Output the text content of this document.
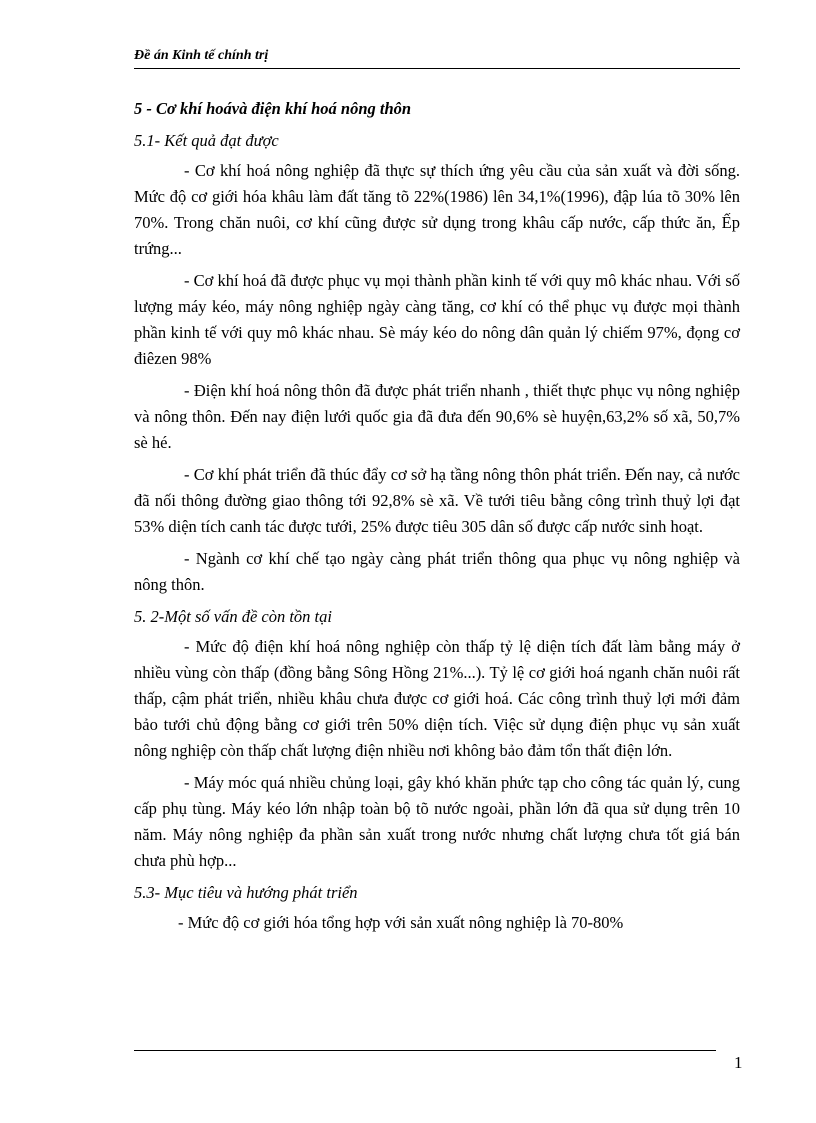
Đề án Kinh tế chính trị
5 - Cơ khí hoávà điện khí hoá nông thôn
5.1- Kết quả đạt được

- Cơ khí hoá nông nghiệp đã thực sự thích ứng yêu cầu của sản xuất và đời sống. Mức độ cơ giới hóa khâu làm đất tăng tõ 22%(1986) lên 34,1%(1996), đập lúa tõ 30% lên 70%. Trong chăn nuôi, cơ khí cũng được sử dụng trong khâu cấp nước, cấp thức ăn, Ếp trứng...

- Cơ khí hoá đã được phục vụ mọi thành phần kinh tế với quy mô khác nhau. Với số lượng máy kéo, máy nông nghiệp ngày càng tăng, cơ khí có thể phục vụ được mọi thành phần kinh tế với quy mô khác nhau. Sè máy kéo do nông dân quản lý chiếm 97%, đọng cơ điêzen 98%

- Điện khí hoá nông thôn đã được phát triển nhanh , thiết thực phục vụ nông nghiệp và nông thôn. Đến nay điện lưới quốc gia đã đưa đến 90,6% sè huyện,63,2% số xã, 50,7% sè hé.

- Cơ khí phát triển đã thúc đẩy cơ sở hạ tầng nông thôn phát triển. Đến nay, cả nước đã nối thông đường giao thông tới 92,8% sè xã. Về tưới tiêu bằng công trình thuỷ lợi đạt 53% diện tích canh tác được tưới, 25% được tiêu 305 dân số được cấp nước sinh hoạt.

- Ngành cơ khí chế tạo ngày càng phát triển thông qua phục vụ nông nghiệp và nông thôn.

5. 2-Một số vấn đề còn tồn tại

- Mức độ điện khí hoá nông nghiệp còn thấp tỷ lệ diện tích đất làm bằng máy ở nhiều vùng còn thấp (đồng bằng Sông Hồng 21%...). Tỷ lệ cơ giới hoá nganh chăn nuôi rất thấp, cậm phát triển, nhiều khâu chưa được cơ giới hoá. Các công trình thuỷ lợi mới đảm bảo tưới chủ động bằng cơ giới trên 50% diện tích. Việc sử dụng điện phục vụ sản xuất nông nghiệp còn thấp chất lượng điện nhiều nơi không bảo đảm tổn thất điện lớn.

- Máy móc quá nhiều chủng loại, gây khó khăn phức tạp cho công tác quản lý, cung cấp phụ tùng. Máy kéo lớn nhập toàn bộ tõ nước ngoài, phần lớn đã qua sử dụng trên 10 năm. Máy nông nghiệp đa phần sản xuất trong nước nhưng chất lượng chưa tốt giá bán chưa phù hợp...

5.3- Mục tiêu và hướng phát triển

- Mức độ cơ giới hóa tổng hợp với sản xuất nông nghiệp là 70-80%

1
